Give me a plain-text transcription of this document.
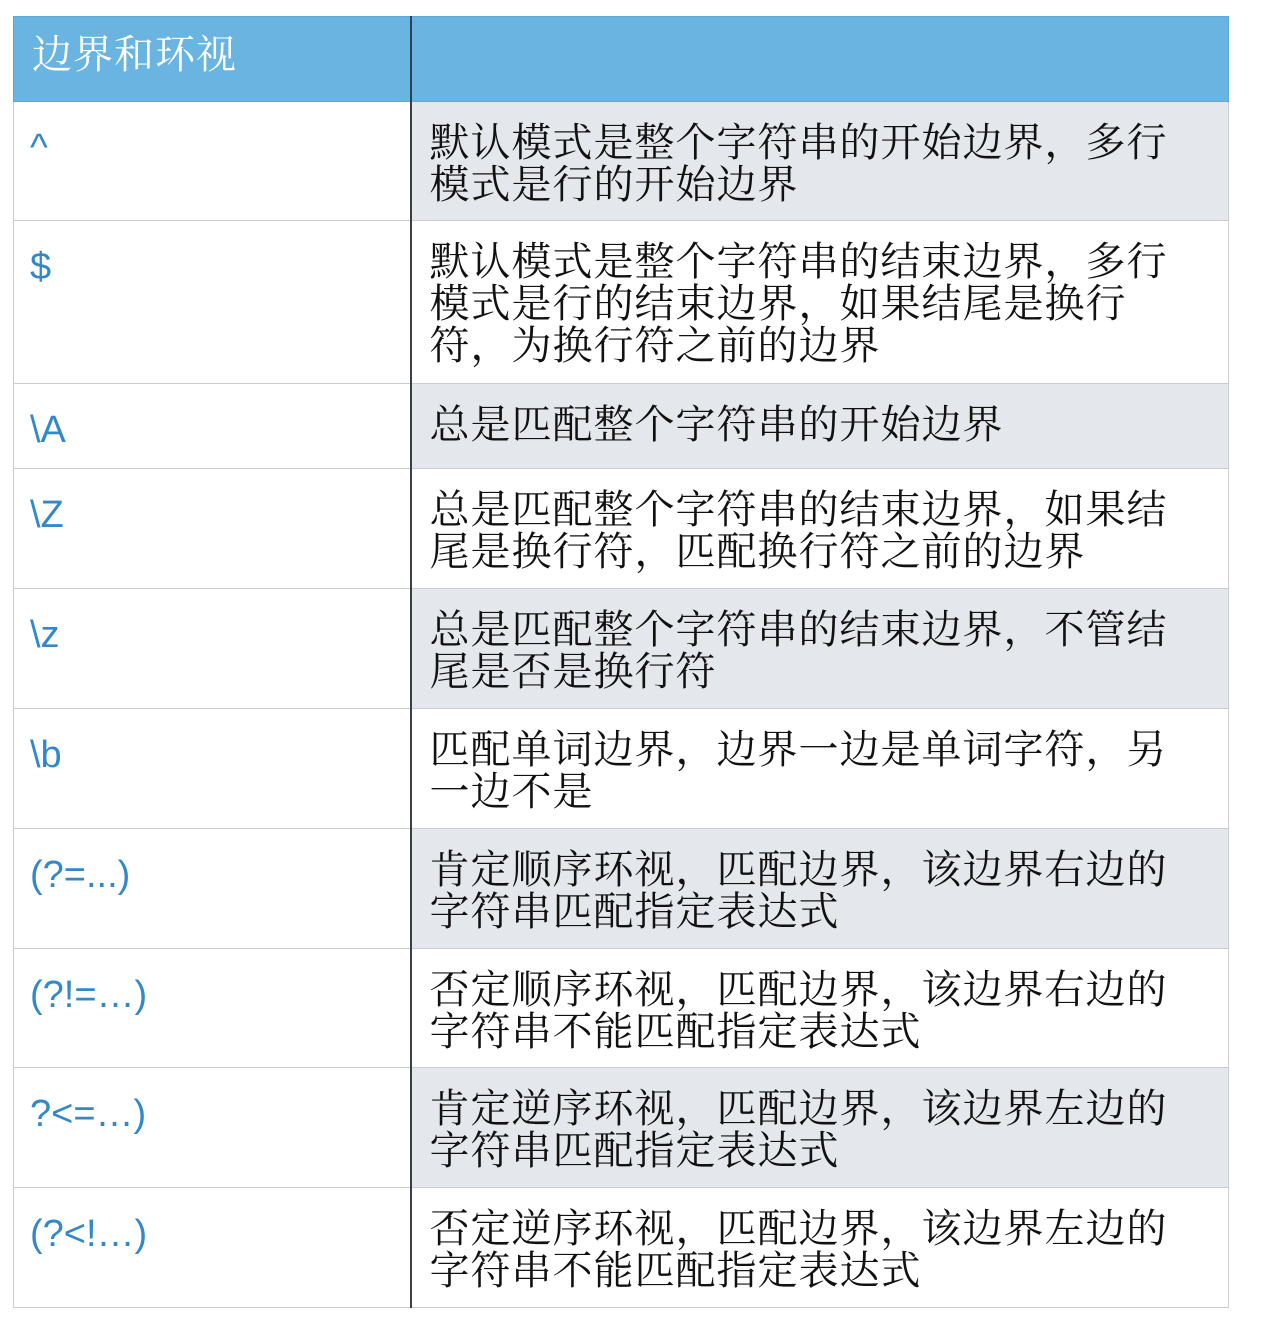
边界和环视	

^	默认模式是整个字符串的开始边界，多行模式是行的开始边界

$	默认模式是整个字符串的结束边界，多行模式是行的结束边界，如果结尾是换行符，为换行符之前的边界

\A	总是匹配整个字符串的开始边界

\Z	总是匹配整个字符串的结束边界，如果结尾是换行符，匹配换行符之前的边界

\z	总是匹配整个字符串的结束边界，不管结尾是否是换行符

\b	匹配单词边界，边界一边是单词字符，另一边不是

(?=...)	肯定顺序环视，匹配边界，该边界右边的字符串匹配指定表达式

(?!=…)	否定顺序环视，匹配边界，该边界右边的字符串不能匹配指定表达式

?<=…)	肯定逆序环视，匹配边界，该边界左边的字符串匹配指定表达式

(?<!…)	否定逆序环视，匹配边界，该边界左边的字符串不能匹配指定表达式
